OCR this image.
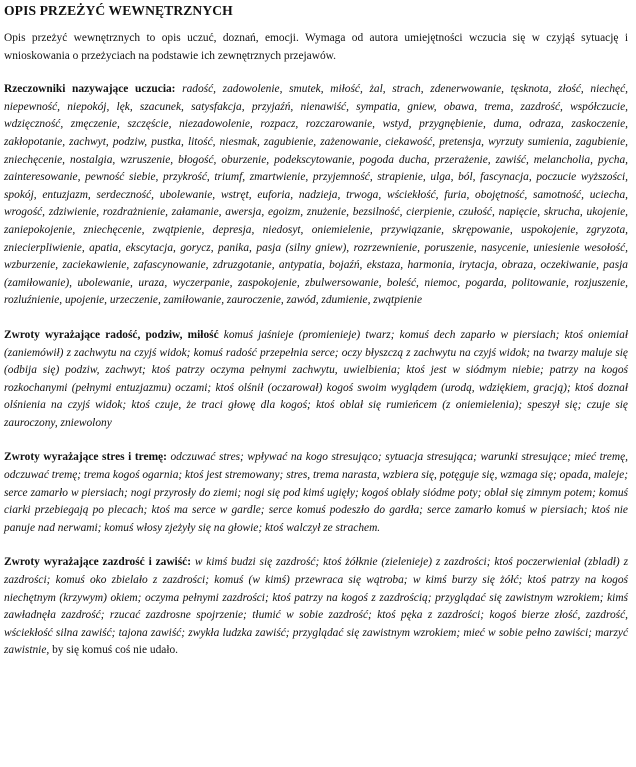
OPIS PRZEŻYĆ WEWNĘTRZNYCH

Opis przeżyć wewnętrznych to opis uczuć, doznań, emocji. Wymaga od autora umiejętności wczucia się w czyjąś sytuację i wnioskowania o przeżyciach na podstawie ich zewnętrznych przejawów.

Rzeczowniki nazywające uczucia: radość, zadowolenie, smutek, miłość, żal, strach, zdenerwowanie, tęsknota, złość, niechęć, niepewność, niepokój, lęk, szacunek, satysfakcja, przyjaźń, nienawiść, sympatia, gniew, obawa, trema, zazdrość, współczucie, wdzięczność, zmęczenie, szczęście, niezadowolenie, rozpacz, rozczarowanie, wstyd, przygnębienie, duma, odraza, zaskoczenie, zakłopotanie, zachwyt, podziw, pustka, litość, niesmak, zagubienie, zażenowanie, ciekawość, pretensja, wyrzuty sumienia, zagubienie, zniechęcenie, nostalgia, wzruszenie, błogość, oburzenie, podekscytowanie, pogoda ducha, przerażenie, zawiść, melancholia, pycha, zainteresowanie, pewność siebie, przykrość, triumf, zmartwienie, przyjemność, strapienie, ulga, ból, fascynacja, poczucie wyższości, spokój, entuzjazm, serdeczność, ubolewanie, wstręt, euforia, nadzieja, trwoga, wściekłość, furia, obojętność, samotność, uciecha, wrogość, zdziwienie, rozdrażnienie, załamanie, awersja, egoizm, znużenie, bezsilność, cierpienie, czułość, napięcie, skrucha, ukojenie, zaniepokojenie, zniechęcenie, zwątpienie, depresja, niedosyt, oniemielenie, przywiązanie, skrępowanie, uspokojenie, zgryzota, zniecierpliwienie, apatia, ekscytacja, gorycz, panika, pasja (silny gniew), rozrzewnienie, poruszenie, nasycenie, uniesienie wesołość, wzburzenie, zaciekawienie, zafascynowanie, zdruzgotanie, antypatia, bojaźń, ekstaza, harmonia, irytacja, obraza, oczekiwanie, pasja (zamiłowanie), ubolewanie, uraza, wyczerpanie, zaspokojenie, zbulwersowanie, boleść, niemoc, pogarda, politowanie, rozjuszenie, rozluźnienie, upojenie, urzeczenie, zamiłowanie, zauroczenie, zawód, zdumienie, zwątpienie

Zwroty wyrażające radość, podziw, miłość komuś jaśnieje (promienieje) twarz; komuś dech zaparło w piersiach; ktoś oniemiał (zaniemówił) z zachwytu na czyjś widok; komuś radość przepełnia serce; oczy błyszczą z zachwytu na czyjś widok; na twarzy maluje się (odbija się) podziw, zachwyt; ktoś patrzy oczyma pełnymi zachwytu, uwielbienia; ktoś jest w siódmym niebie; patrzy na kogoś rozkochanymi (pełnymi entuzjazmu) oczami; ktoś olśnił (oczarował) kogoś swoim wyglądem (urodą, wdziękiem, gracją); ktoś doznał olśnienia na czyjś widok; ktoś czuje, że traci głowę dla kogoś; ktoś oblał się rumieńcem (z oniemielenia); speszył się; czuje się zauroczony, zniewolony

Zwroty wyrażające stres i tremę: odczuwać stres; wpływać na kogo stresująco; sytuacja stresująca; warunki stresujące; mieć tremę, odczuwać tremę; trema kogoś ogarnia; ktoś jest stremowany; stres, trema narasta, wzbiera się, potęguje się, wzmaga się; opada, maleje; serce zamarło w piersiach; nogi przyrosły do ziemi; nogi się pod kimś ugięły; kogoś oblały siódme poty; oblał się zimnym potem; komuś ciarki przebiegają po plecach; ktoś ma serce w gardle; serce komuś podeszło do gardła; serce zamarło komuś w piersiach; ktoś nie panuje nad nerwami; komuś włosy zjeżyły się na głowie; ktoś walczył ze strachem.

Zwroty wyrażające zazdrość i zawiść: w kimś budzi się zazdrość; ktoś żółknie (zielenieje) z zazdrości; ktoś poczerwieniał (zbladł) z zazdrości; komuś oko zbielało z zazdrości; komuś (w kimś) przewraca się wątroba; w kimś burzy się żółć; ktoś patrzy na kogoś niechętnym (krzywym) okiem; oczyma pełnymi zazdrości; ktoś patrzy na kogoś z zazdrością; przyglądać się zawistnym wzrokiem; kimś zawładnęła zazdrość; rzucać zazdrosne spojrzenie; tłumić w sobie zazdrość; ktoś pęka z zazdrości; kogoś bierze złość, zazdrość, wściekłość silna zawiść; tajona zawiść; zwykła ludzka zawiść; przyglądać się zawistnym wzrokiem; mieć w sobie pełno zawiści; marzyć zawistnie, by się komuś coś nie udało.
